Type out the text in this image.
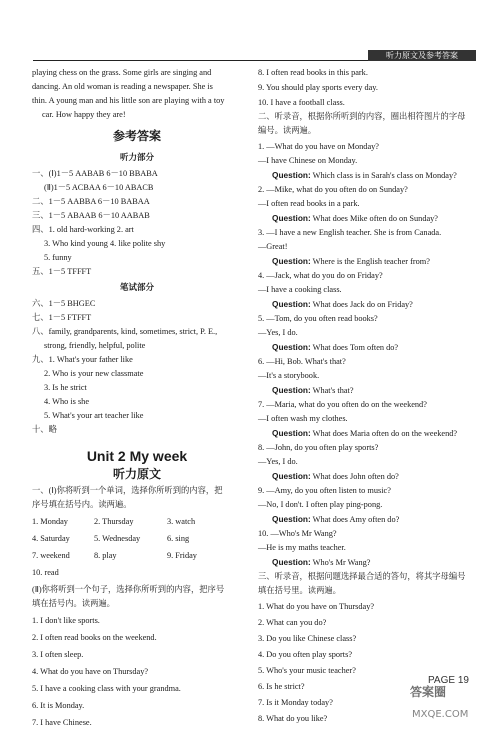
听力原文及参考答案
playing chess on the grass. Some girls are singing and
dancing. An old woman is reading a newspaper. She is
thin. A young man and his little son are playing with a toy
car. How happy they are!
参考答案
听力部分
一、(Ⅰ)1－5 AABAB 6－10 BBABA
(Ⅱ)1－5 ACBAA 6－10 ABACB
二、1－5 AABBA 6－10 BABAA
三、1－5 ABAAB 6－10 AABAB
四、1. old hard-working 2. art
3. Who kind young 4. like polite shy
5. funny
五、1－5 TFFFT
笔试部分
六、1－5 BHGEC
七、1－5 FTFFT
八、family, grandparents, kind, sometimes, strict, P. E.,
strong, friendly, helpful, polite
九、1. What's your father like
2. Who is your new classmate
3. Is he strict
4. Who is she
5. What's your art teacher like
十、略
Unit 2 My week
听力原文
一、(Ⅰ)你将听到一个单词，选择你所听到的内容，把
序号填在括号内。读两遍。
1. Monday	2. Thursday	3. watch
4. Saturday	5. Wednesday	6. sing
7. weekend	8. play	9. Friday
10. read
(Ⅱ)你将听到一个句子，选择你所听到的内容，把序号
填在括号内。读两遍。
1. I don't like sports.
2. I often read books on the weekend.
3. I often sleep.
4. What do you have on Thursday?
5. I have a cooking class with your grandma.
6. It is Monday.
7. I have Chinese.
8. I often read books in this park.
9. You should play sports every day.
10. I have a football class.
二、听录音，根据你所听到的内容，圈出相符图片的字母
编号。读两遍。
1. —What do you have on Monday?
—I have Chinese on Monday.
Question: Which class is in Sarah's class on Monday?
2. —Mike, what do you often do on Sunday?
—I often read books in a park.
Question: What does Mike often do on Sunday?
3. —I have a new English teacher. She is from Canada.
—Great!
Question: Where is the English teacher from?
4. —Jack, what do you do on Friday?
—I have a cooking class.
Question: What does Jack do on Friday?
5. —Tom, do you often read books?
—Yes, I do.
Question: What does Tom often do?
6. —Hi, Bob. What's that?
—It's a storybook.
Question: What's that?
7. —Maria, what do you often do on the weekend?
—I often wash my clothes.
Question: What does Maria often do on the weekend?
8. —John, do you often play sports?
—Yes, I do.
Question: What does John often do?
9. —Amy, do you often listen to music?
—No, I don't. I often play ping-pong.
Question: What does Amy often do?
10. —Who's Mr Wang?
—He is my maths teacher.
Question: Who's Mr Wang?
三、听录音，根据问题选择最合适的答句，将其字母编号
填在括号里。读两遍。
1. What do you have on Thursday?
2. What can you do?
3. Do you like Chinese class?
4. Do you often play sports?
5. Who's your music teacher?
6. Is he strict?
7. Is it Monday today?
8. What do you like?
PAGE 19
答案圈
MXQE.COM
